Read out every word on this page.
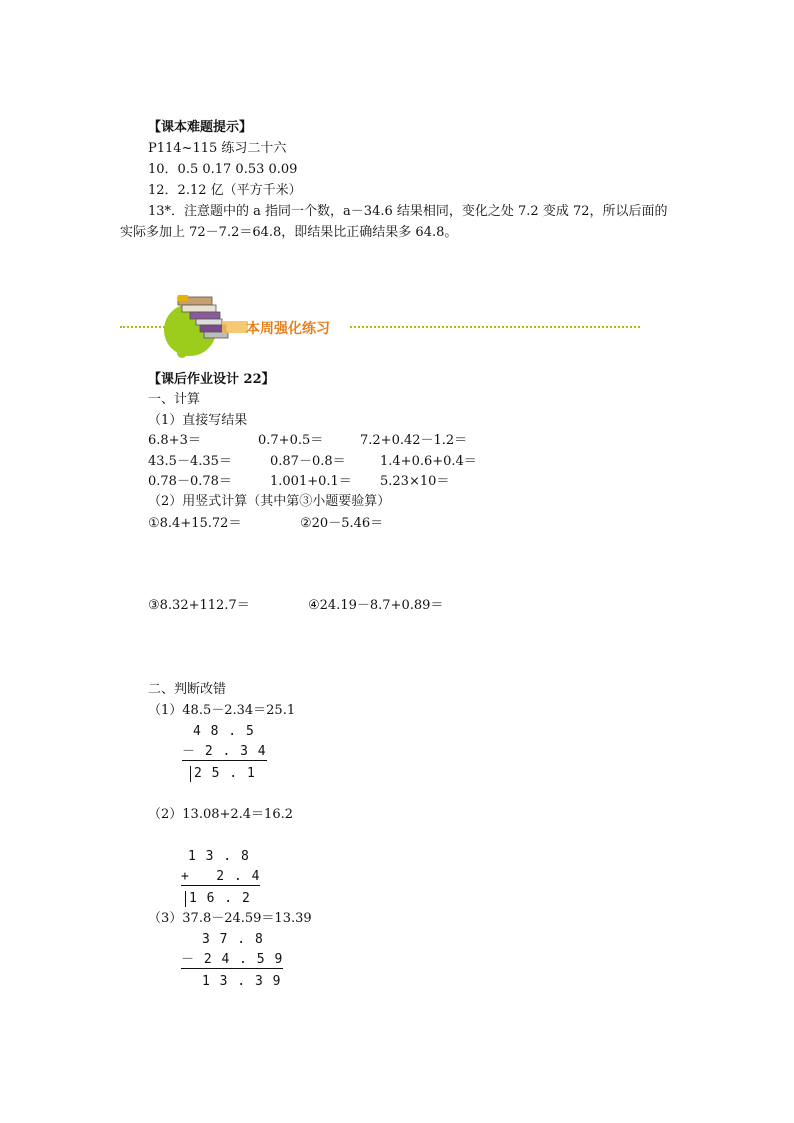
【课本难题提示】
P114~115 练习二十六
10．0.5 0.17 0.53 0.09
12．2.12 亿（平方千米）
13*．注意题中的 a 指同一个数，a－34.6 结果相同，变化之处 7.2 变成 72，所以后面的
实际多加上 72－7.2＝64.8，即结果比正确结果多 64.8。
本周强化练习
【课后作业设计 22】
一、计算
（1）直接写结果
6.8+3＝	0.7+0.5＝	7.2+0.42－1.2＝
43.5－4.35＝	0.87－0.8＝	1.4+0.6+0.4＝
0.78－0.78＝	1.001+0.1＝ 5.23×10＝
（2）用竖式计算（其中第③小题要验算）
①8.4+15.72＝	②20－5.46＝
③8.32+112.7＝	④24.19－8.7+0.89＝
二、判断改错
（1）48.5－2.34＝25.1
4 8 . 5
－ 2 . 3 4
2 5 . 1
（2）13.08+2.4＝16.2
1 3 . 8
+   2 . 4
1 6 . 2
（3）37.8－24.59＝13.39
3 7 . 8
－ 2 4 . 5 9
1 3 . 3 9
